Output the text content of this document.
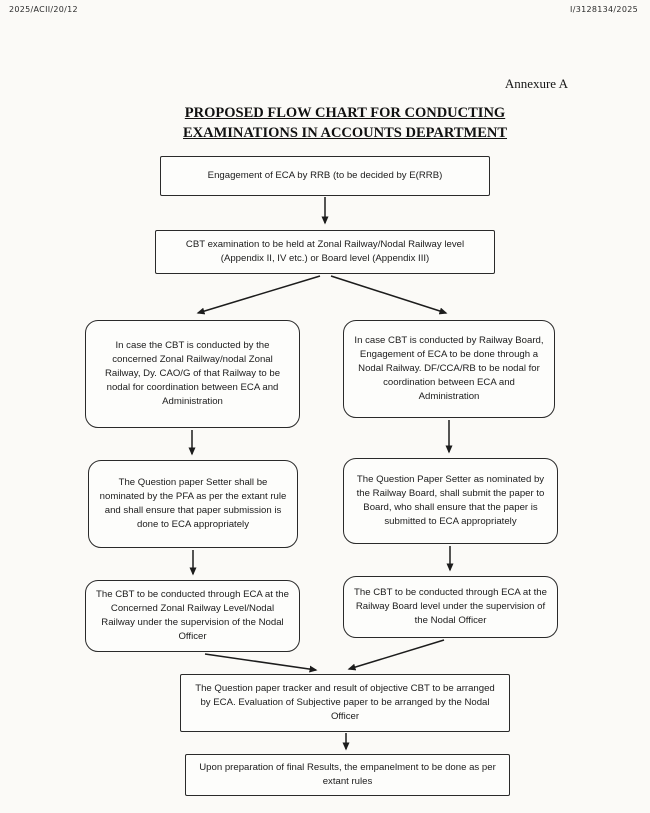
2025/ACII/20/12	I/3128134/2025
Annexure A
PROPOSED FLOW CHART FOR CONDUCTING
EXAMINATIONS IN ACCOUNTS DEPARTMENT
Engagement of ECA by RRB (to be decided by E(RRB)
CBT examination to be held at Zonal Railway/Nodal Railway level (Appendix II, IV etc.) or Board level (Appendix III)
In case the CBT is conducted by the concerned Zonal Railway/nodal Zonal Railway, Dy. CAO/G of that Railway to be nodal for coordination between ECA and Administration
In case CBT is conducted by Railway Board, Engagement of ECA to be done through a Nodal Railway. DF/CCA/RB to be nodal for coordination between ECA and Administration
The Question paper Setter shall be nominated by the PFA as per the extant rule and shall ensure that paper submission is done to ECA appropriately
The Question Paper Setter as nominated by the Railway Board, shall submit the paper to Board, who shall ensure that the paper is submitted to ECA appropriately
The CBT to be conducted through ECA at the Concerned Zonal Railway Level/Nodal Railway under the supervision of the Nodal Officer
The CBT to be conducted through ECA at the Railway Board level under the supervision of the Nodal Officer
The Question paper tracker and result of objective CBT to be arranged by ECA. Evaluation of Subjective paper to be arranged by the Nodal Officer
Upon preparation of final Results, the empanelment to be done as per extant rules
